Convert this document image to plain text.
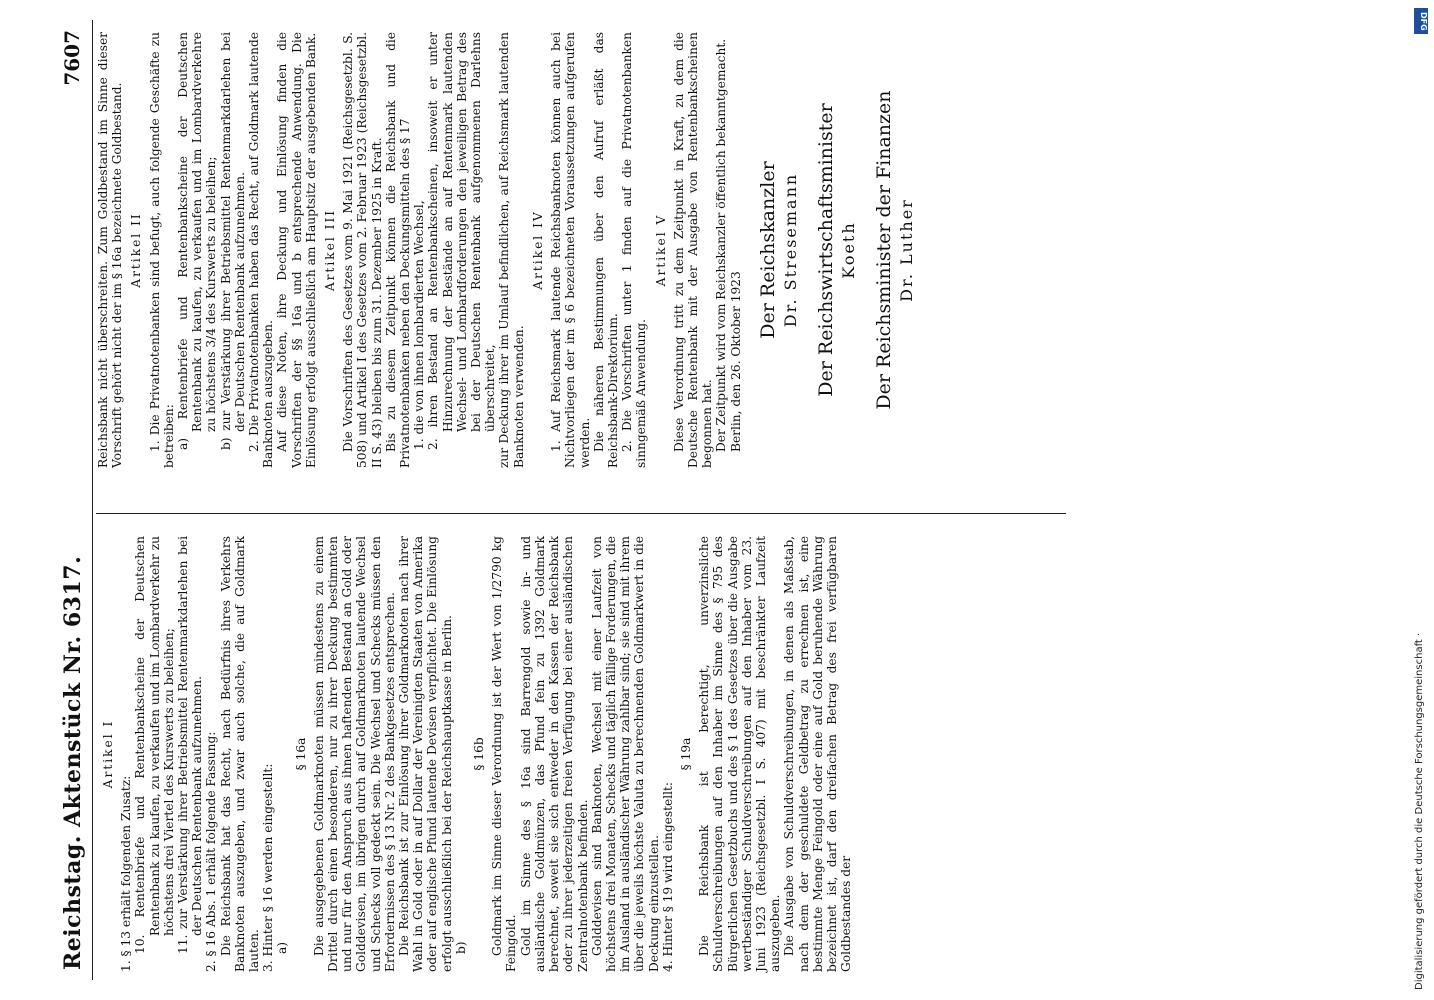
Reichstag. Aktenstück Nr. 6317.
7607
Artikel I
1. § 13 erhält folgenden Zusatz: 10. Rentenbriefe und Rentenbankscheine der Deutschen Rentenbank zu kaufen, zu verkaufen und im Lombardverkehr zu höchstens drei Viertel des Kurswerts zu beleihen; 11. zur Verstärkung ihrer Betriebsmittel Rentenmarkdarlehen bei der Deutschen Rentenbank aufzunehmen. 2. § 16 Abs. 1 erhält folgende Fassung: Die Reichsbank hat das Recht, nach Bedürfnis ihres Verkehrs Banknoten auszugeben, und zwar auch solche, die auf Goldmark lauten. 3. Hinter § 16 werden eingestellt: a)
§ 16a Die ausgegebenen Goldmarknoten müssen mindestens zu einem Drittel durch einen besonderen, nur zu ihrer Deckung bestimmten und nur für den Anspruch aus ihnen haftenden Bestand an Gold oder Golddevisen, im übrigen durch auf Goldmarknoten lautende Wechsel und Schecks voll gedeckt sein. Die Wechsel und Schecks müssen den Erfordernissen des § 13 Nr. 2 des Bankgesetzes entsprechen. Die Reichsbank ist zur Einlösung ihrer Goldmarknoten nach ihrer Wahl in Gold oder in auf Dollar der Vereinigten Staaten von Amerika oder auf englische Pfund lautende Devisen verpflichtet. Die Einlösung erfolgt ausschließlich bei der Reichshauptkasse in Berlin. b)
§ 16b Goldmark im Sinne dieser Verordnung ist der Wert von 1/2790 kg Feingold. Gold im Sinne des § 16a sind Barrengold sowie in- und ausländische Goldmünzen, das Pfund fein zu 1392 Goldmark berechnet, soweit sie sich entweder in den Kassen der Reichsbank oder zu ihrer jederzeitigen freien Verfügung bei einer ausländischen Zentralnotenbank befinden. Golddevisen sind Banknoten, Wechsel mit einer Laufzeit von höchstens drei Monaten, Schecks und täglich fällige Forderungen, die im Ausland in ausländischer Währung zahlbar sind; sie sind mit ihrem über die jeweils höchste Valuta zu berechnenden Goldmarkwert in die Deckung einzustellen. 4. Hinter § 19 wird eingestellt:
§ 19a Die Reichsbank ist berechtigt, unverzinsliche Schuldverschreibungen auf den Inhaber im Sinne des § 795 des Bürgerlichen Gesetzbuchs und des § 1 des Gesetzes über die Ausgabe wertbeständiger Schuldverschreibungen auf den Inhaber vom 23. Juni 1923 (Reichsgesetzbl. I S. 407) mit beschränkter Laufzeit auszugeben. Die Ausgabe von Schuldverschreibungen, in denen als Maßstab, nach dem der geschuldete Geldbetrag zu errechnen ist, eine bestimmte Menge Feingold oder eine auf Gold beruhende Währung bezeichnet ist, darf den dreifachen Betrag des frei verfügbaren Goldbestandes der
Reichsbank nicht überschreiten. Zum Goldbestand im Sinne dieser Vorschrift gehört nicht der im § 16a bezeichnete Goldbestand. Artikel II 1. Die Privatnotenbanken sind befugt, auch folgende Geschäfte zu betreiben: a) Rentenbriefe und Rentenbankscheine der Deutschen Rentenbank zu kaufen, zu verkaufen und im Lombardverkehre zu höchstens 3/4 des Kurswerts zu beleihen; b) zur Verstärkung ihrer Betriebsmittel Rentenmarkdarlehen bei der Deutschen Rentenbank aufzunehmen. 2. Die Privatnotenbanken haben das Recht, auf Goldmark lautende Banknoten auszugeben. Auf diese Noten, ihre Deckung und Einlösung finden die Vorschriften der §§ 16a und b entsprechende Anwendung. Die Einlösung erfolgt ausschließlich am Hauptsitz der ausgebenden Bank. Artikel III Die Vorschriften des Gesetzes vom 9. Mai 1921 (Reichsgesetzbl. S. 508) und Artikel I des Gesetzes vom 2. Februar 1923 (Reichsgesetzbl. II S. 43) bleiben bis zum 31. Dezember 1925 in Kraft. Bis zu diesem Zeitpunkt können die Reichsbank und die Privatnotenbanken neben den Deckungsmitteln des § 17 1. die von ihnen lombardierten Wechsel, 2. ihren Bestand an Rentenbankscheinen, insoweit er unter Hinzurechnung der Bestände an auf Rentenmark lautenden Wechsel- und Lombardforderungen den jeweiligen Betrag des bei der Deutschen Rentenbank aufgenommenen Darlehns überschreitet, zur Deckung ihrer im Umlauf befindlichen, auf Reichsmark lautenden Banknoten verwenden.
Artikel IV 1. Auf Reichsmark lautende Reichsbanknoten können auch bei Nichtvorliegen der im § 6 bezeichneten Voraussetzungen aufgerufen werden. Die näheren Bestimmungen über den Aufruf erläßt das Reichsbank-Direktorium. 2. Die Vorschriften unter 1 finden auf die Privatnotenbanken sinngemäß Anwendung.
Artikel V Diese Verordnung tritt zu dem Zeitpunkt in Kraft, zu dem die Deutsche Rentenbank mit der Ausgabe von Rentenbankscheinen begonnen hat. Der Zeitpunkt wird vom Reichskanzler öffentlich bekanntgemacht. Berlin, den 26. Oktober 1923
Der Reichskanzler Dr. Stresemann Der Reichswirtschaftsminister Koeth Der Reichsminister der Finanzen Dr. Luther
Digitalisierung gefördert durch die Deutsche Forschungsgemeinschaft ·
DFG
